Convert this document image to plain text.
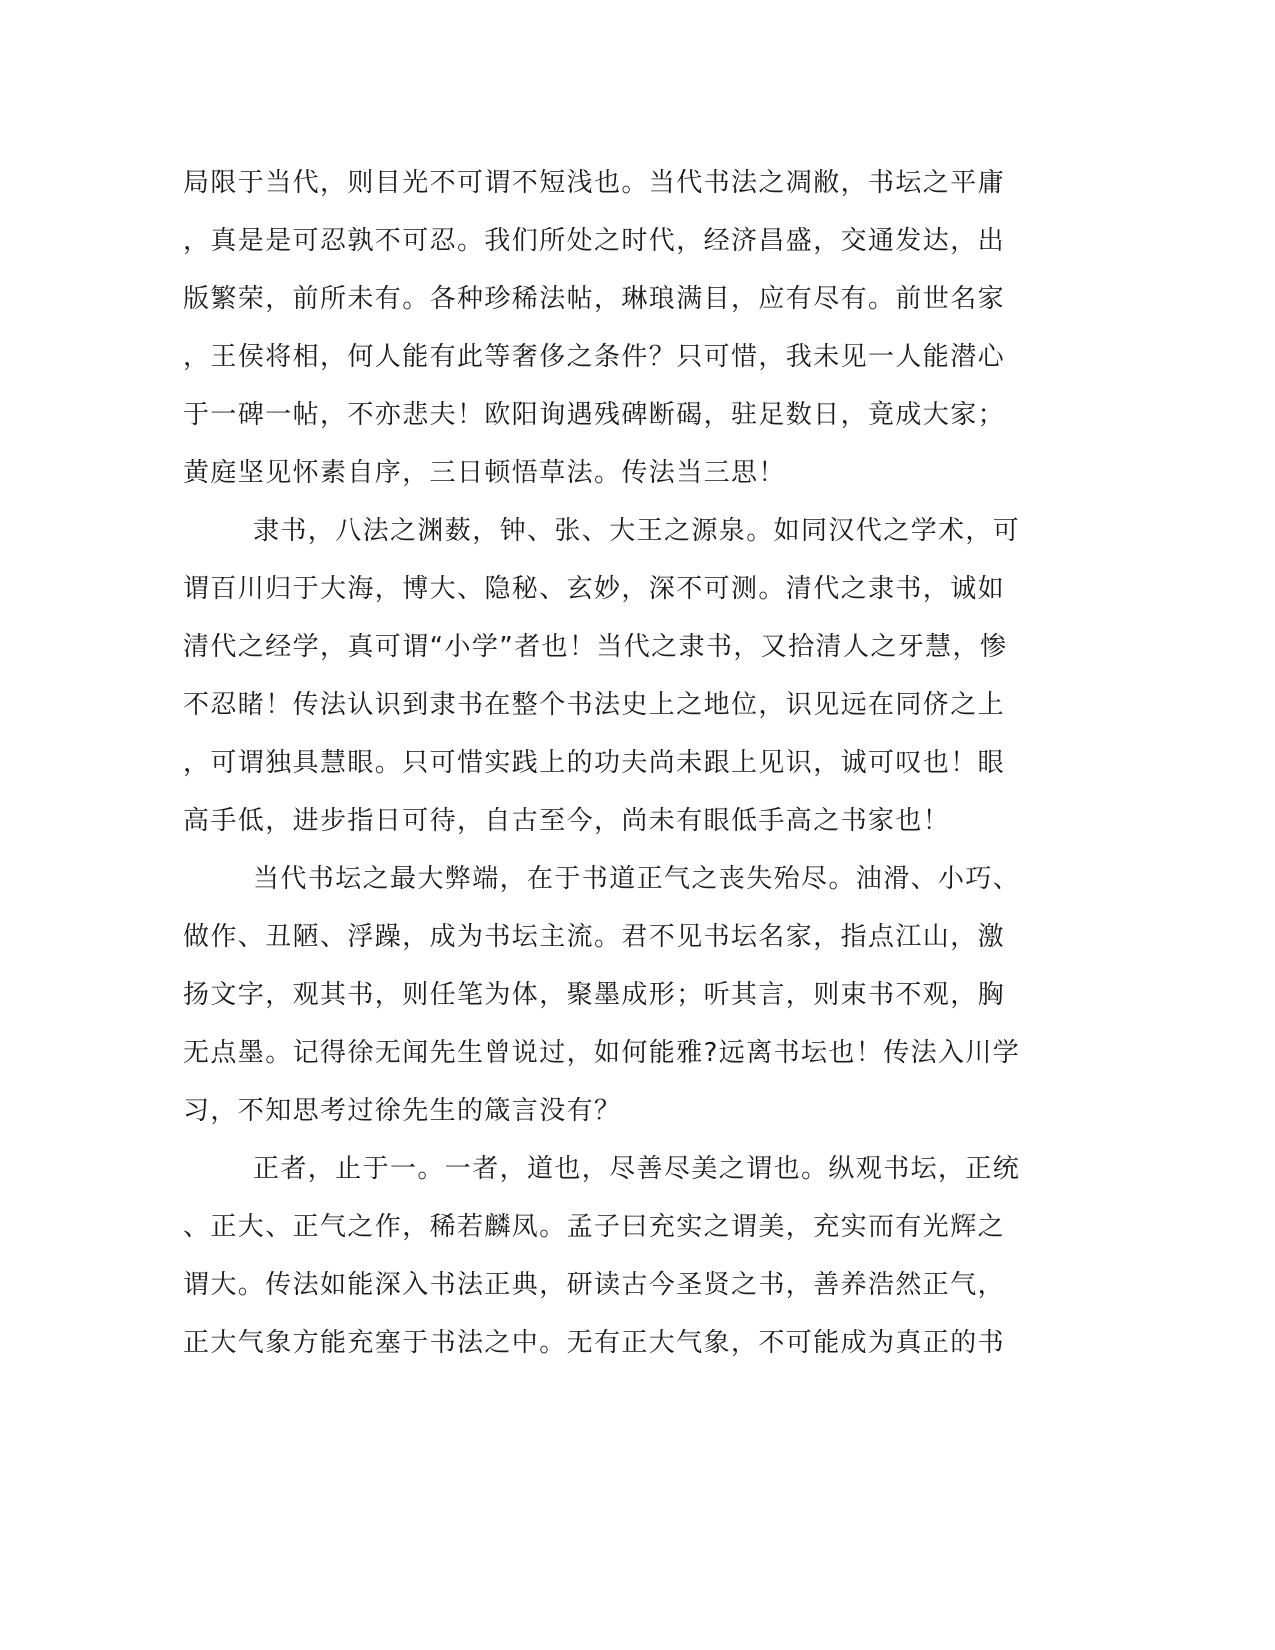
局限于当代，则目光不可谓不短浅也。当代书法之凋敝，书坛之平庸
，真是是可忍孰不可忍。我们所处之时代，经济昌盛，交通发达，出
版繁荣，前所未有。各种珍稀法帖，琳琅满目，应有尽有。前世名家
，王侯将相，何人能有此等奢侈之条件？只可惜，我未见一人能潜心
于一碑一帖，不亦悲夫！欧阳询遇残碑断碣，驻足数日，竟成大家；
黄庭坚见怀素自序，三日顿悟草法。传法当三思！
隶书，八法之渊薮，钟、张、大王之源泉。如同汉代之学术，可
谓百川归于大海，博大、隐秘、玄妙，深不可测。清代之隶书，诚如
清代之经学，真可谓“小学”者也！当代之隶书，又拾清人之牙慧，惨
不忍睹！传法认识到隶书在整个书法史上之地位，识见远在同侪之上
，可谓独具慧眼。只可惜实践上的功夫尚未跟上见识，诚可叹也！眼
高手低，进步指日可待，自古至今，尚未有眼低手高之书家也！
当代书坛之最大弊端，在于书道正气之丧失殆尽。油滑、小巧、
做作、丑陋、浮躁，成为书坛主流。君不见书坛名家，指点江山，激
扬文字，观其书，则任笔为体，聚墨成形；听其言，则束书不观，胸
无点墨。记得徐无闻先生曾说过，如何能雅?远离书坛也！传法入川学
习，不知思考过徐先生的箴言没有？
正者，止于一。一者，道也，尽善尽美之谓也。纵观书坛，正统
、正大、正气之作，稀若麟凤。孟子曰充实之谓美，充实而有光辉之
谓大。传法如能深入书法正典，研读古今圣贤之书，善养浩然正气，
正大气象方能充塞于书法之中。无有正大气象，不可能成为真正的书
